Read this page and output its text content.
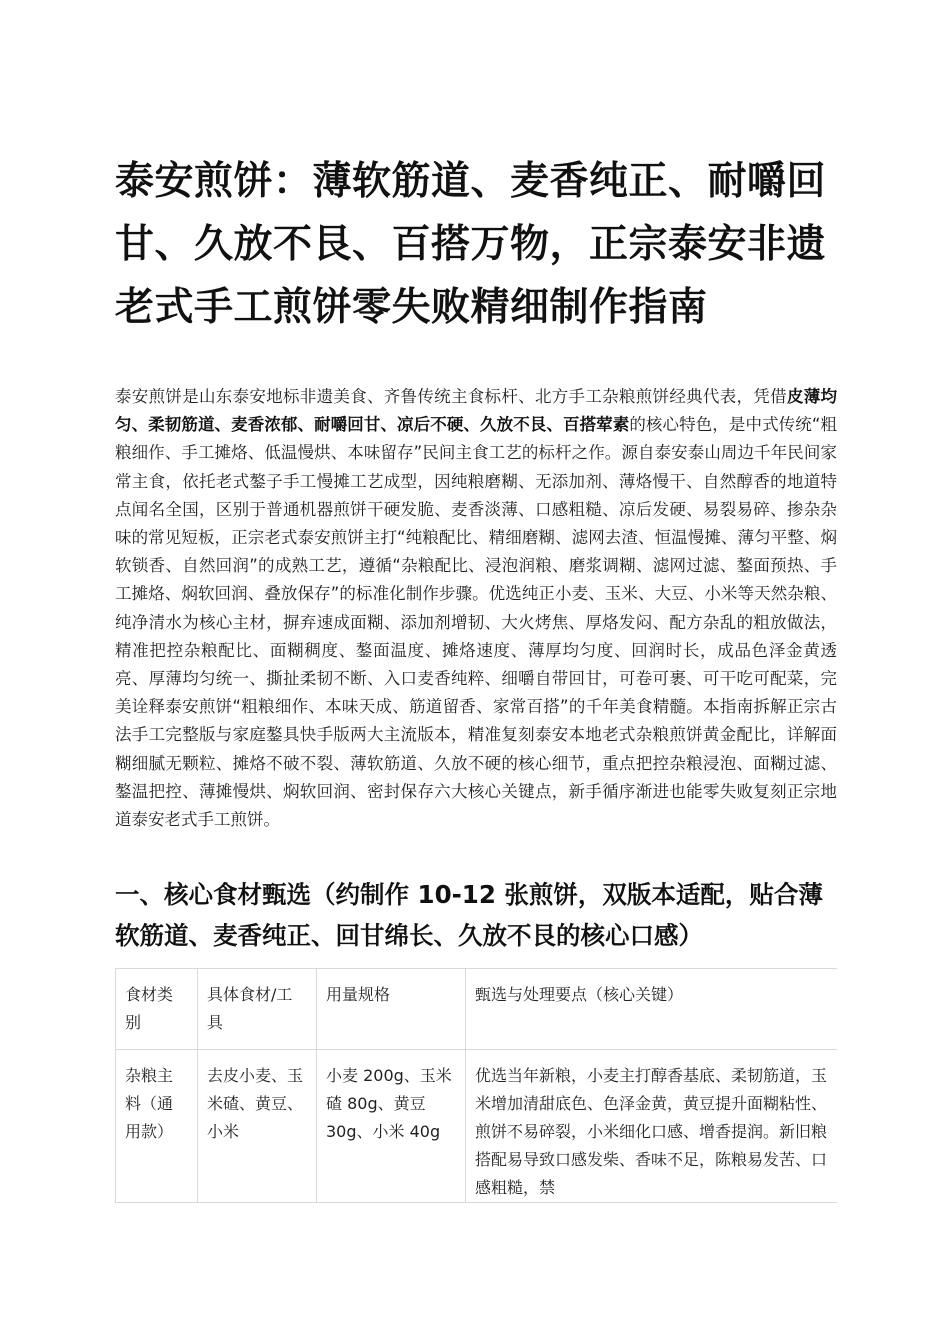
泰安煎饼：薄软筋道、麦香纯正、耐嚼回甘、久放不艮、百搭万物，正宗泰安非遗老式手工煎饼零失败精细制作指南

泰安煎饼是山东泰安地标非遗美食、齐鲁传统主食标杆、北方手工杂粮煎饼经典代表，凭借皮薄均匀、柔韧筋道、麦香浓郁、耐嚼回甘、凉后不硬、久放不艮、百搭荤素的核心特色，是中式传统“粗粮细作、手工摊烙、低温慢烘、本味留存”民间主食工艺的标杆之作。源自泰安泰山周边千年民间家常主食，依托老式鏊子手工慢摊工艺成型，因纯粮磨糊、无添加剂、薄烙慢干、自然醇香的地道特点闻名全国，区别于普通机器煎饼干硬发脆、麦香淡薄、口感粗糙、凉后发硬、易裂易碎、掺杂杂味的常见短板，正宗老式泰安煎饼主打“纯粮配比、精细磨糊、滤网去渣、恒温慢摊、薄匀平整、焖软锁香、自然回润”的成熟工艺，遵循“杂粮配比、浸泡润粮、磨浆调糊、滤网过滤、鏊面预热、手工摊烙、焖软回润、叠放保存”的标准化制作步骤。优选纯正小麦、玉米、大豆、小米等天然杂粮、纯净清水为核心主材，摒弃速成面糊、添加剂增韧、大火烤焦、厚烙发闷、配方杂乱的粗放做法，精准把控杂粮配比、面糊稠度、鏊面温度、摊烙速度、薄厚均匀度、回润时长，成品色泽金黄透亮、厚薄均匀统一、撕扯柔韧不断、入口麦香纯粹、细嚼自带回甘，可卷可裹、可干吃可配菜，完美诠释泰安煎饼“粗粮细作、本味天成、筋道留香、家常百搭”的千年美食精髓。本指南拆解正宗古法手工完整版与家庭鏊具快手版两大主流版本，精准复刻泰安本地老式杂粮煎饼黄金配比，详解面糊细腻无颗粒、摊烙不破不裂、薄软筋道、久放不硬的核心细节，重点把控杂粮浸泡、面糊过滤、鏊温把控、薄摊慢烘、焖软回润、密封保存六大核心关键点，新手循序渐进也能零失败复刻正宗地道泰安老式手工煎饼。

一、核心食材甄选（约制作 10-12 张煎饼，双版本适配，贴合薄软筋道、麦香纯正、回甘绵长、久放不艮的核心口感）
食材类别	具体食材/工具	用量规格	甄选与处理要点（核心关键）
杂粮主料（通用款）	去皮小麦、玉米碴、黄豆、小米	小麦 200g、玉米碴 80g、黄豆 30g、小米 40g	优选当年新粮，小麦主打醇香基底、柔韧筋道，玉米增加清甜底色、色泽金黄，黄豆提升面糊粘性、煎饼不易碎裂，小米细化口感、增香提润。新旧粮搭配易导致口感发柴、香味不足，陈粮易发苦、口感粗糙，禁
